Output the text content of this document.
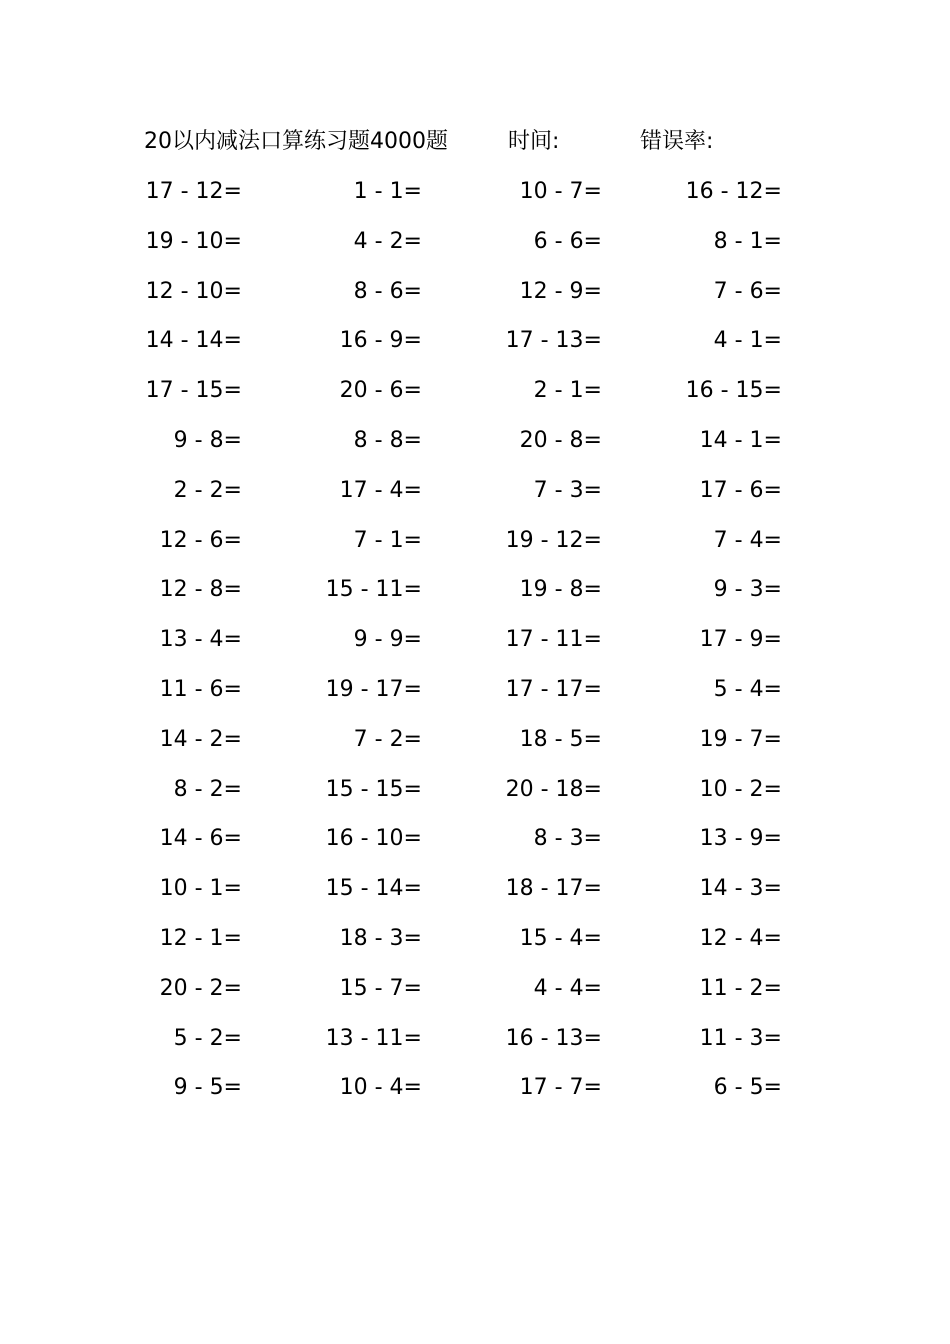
20以内减法口算练习题4000题	时间:	错误率:
17 - 12=	1 - 1=	10 - 7=	16 - 12=
19 - 10=	4 - 2=	6 - 6=	8 - 1=
12 - 10=	8 - 6=	12 - 9=	7 - 6=
14 - 14=	16 - 9=	17 - 13=	4 - 1=
17 - 15=	20 - 6=	2 - 1=	16 - 15=
9 - 8=	8 - 8=	20 - 8=	14 - 1=
2 - 2=	17 - 4=	7 - 3=	17 - 6=
12 - 6=	7 - 1=	19 - 12=	7 - 4=
12 - 8=	15 - 11=	19 - 8=	9 - 3=
13 - 4=	9 - 9=	17 - 11=	17 - 9=
11 - 6=	19 - 17=	17 - 17=	5 - 4=
14 - 2=	7 - 2=	18 - 5=	19 - 7=
8 - 2=	15 - 15=	20 - 18=	10 - 2=
14 - 6=	16 - 10=	8 - 3=	13 - 9=
10 - 1=	15 - 14=	18 - 17=	14 - 3=
12 - 1=	18 - 3=	15 - 4=	12 - 4=
20 - 2=	15 - 7=	4 - 4=	11 - 2=
5 - 2=	13 - 11=	16 - 13=	11 - 3=
9 - 5=	10 - 4=	17 - 7=	6 - 5=
